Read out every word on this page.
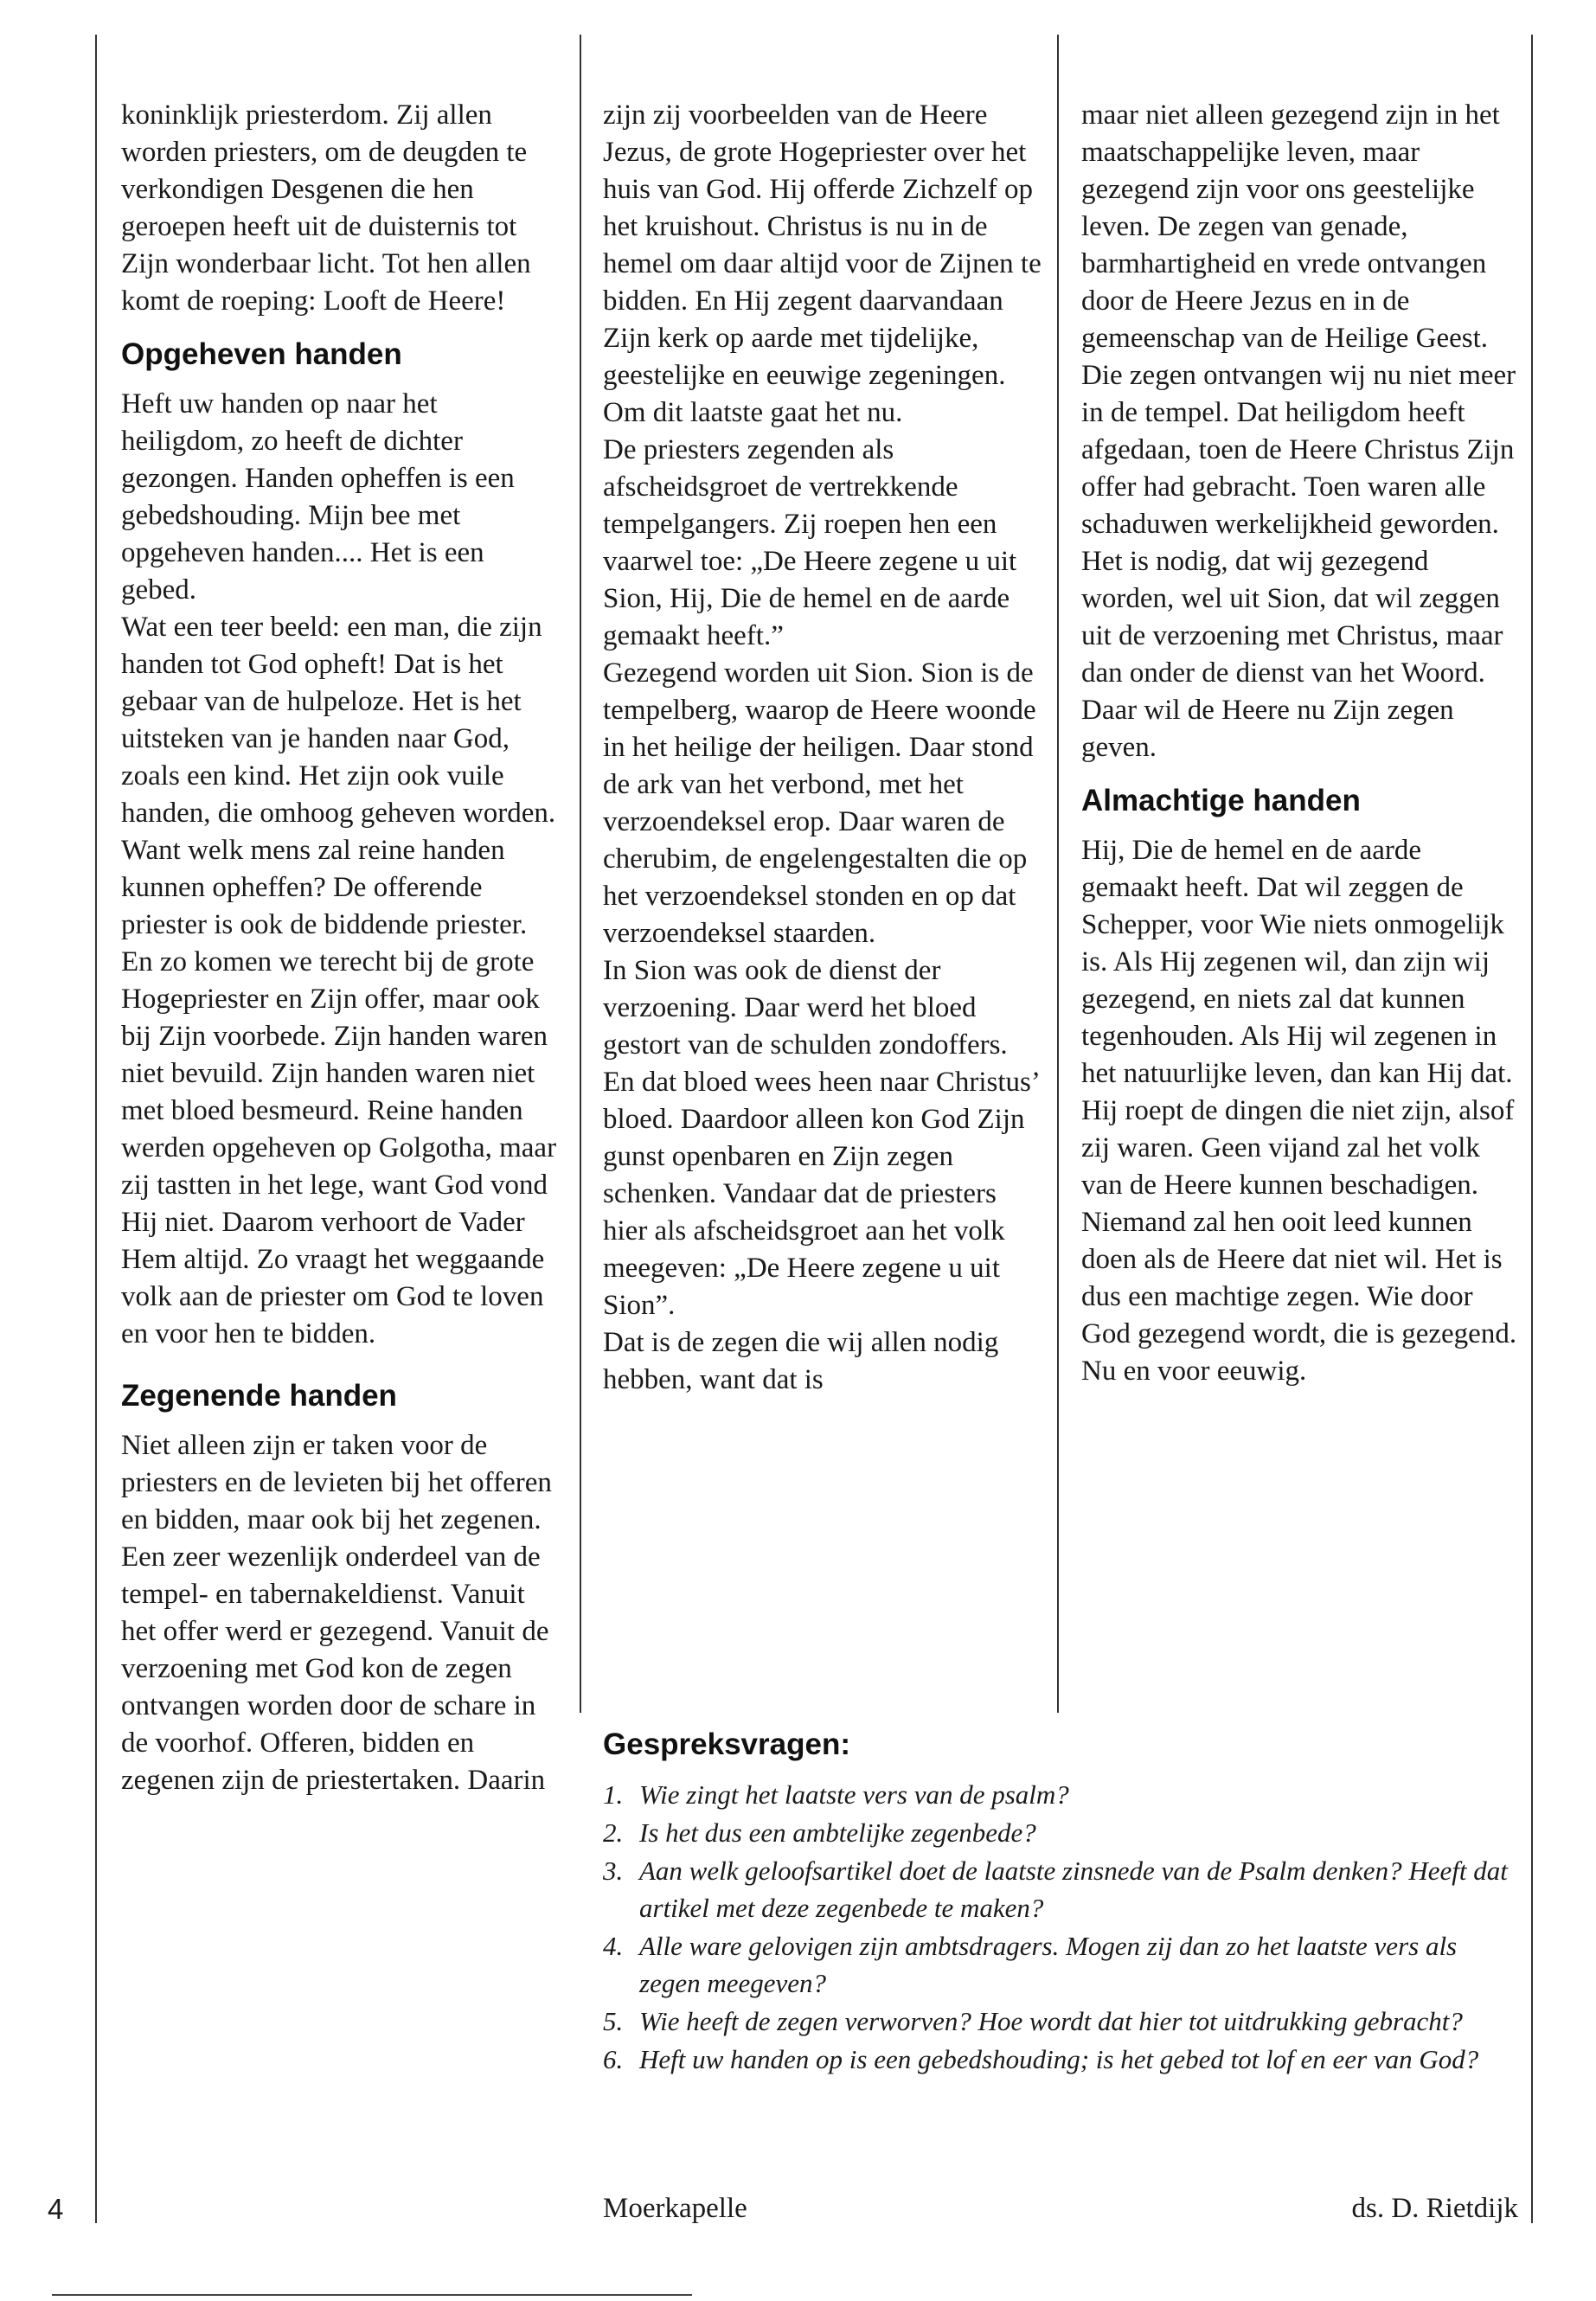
koninklijk priesterdom. Zij allen worden priesters, om de deugden te verkondigen Desgenen die hen geroepen heeft uit de duisternis tot Zijn wonderbaar licht. Tot hen allen komt de roeping: Looft de Heere!

Opgeheven handen

Heft uw handen op naar het heiligdom, zo heeft de dichter gezongen. Handen opheffen is een gebedshouding. Mijn bee met opgeheven handen.... Het is een gebed.

Wat een teer beeld: een man, die zijn handen tot God opheft! Dat is het gebaar van de hulpeloze. Het is het uitsteken van je handen naar God, zoals een kind. Het zijn ook vuile handen, die omhoog geheven worden. Want welk mens zal reine handen kunnen opheffen? De offerende priester is ook de biddende priester. En zo komen we terecht bij de grote Hogepriester en Zijn offer, maar ook bij Zijn voorbede. Zijn handen waren niet bevuild. Zijn handen waren niet met bloed besmeurd. Reine handen werden opgeheven op Golgotha, maar zij tastten in het lege, want God vond Hij niet. Daarom verhoort de Vader Hem altijd. Zo vraagt het weggaande volk aan de priester om God te loven en voor hen te bidden.

Zegenende handen

Niet alleen zijn er taken voor de priesters en de levieten bij het offeren en bidden, maar ook bij het zegenen. Een zeer wezenlijk onderdeel van de tempel- en tabernakeldienst. Vanuit het offer werd er gezegend. Vanuit de verzoening met God kon de zegen ontvangen worden door de schare in de voorhof. Offeren, bidden en zegenen zijn de priestertaken. Daarin

zijn zij voorbeelden van de Heere Jezus, de grote Hogepriester over het huis van God. Hij offerde Zichzelf op het kruishout. Christus is nu in de hemel om daar altijd voor de Zijnen te bidden. En Hij zegent daarvandaan Zijn kerk op aarde met tijdelijke, geestelijke en eeuwige zegeningen. Om dit laatste gaat het nu.

De priesters zegenden als afscheidsgroet de vertrekkende tempelgangers. Zij roepen hen een vaarwel toe: „De Heere zegene u uit Sion, Hij, Die de hemel en de aarde gemaakt heeft.”

Gezegend worden uit Sion. Sion is de tempelberg, waarop de Heere woonde in het heilige der heiligen. Daar stond de ark van het verbond, met het verzoendeksel erop. Daar waren de cherubim, de engelengestalten die op het verzoendeksel stonden en op dat verzoendeksel staarden.

In Sion was ook de dienst der verzoening. Daar werd het bloed gestort van de schulden zondoffers. En dat bloed wees heen naar Christus’ bloed. Daardoor alleen kon God Zijn gunst openbaren en Zijn zegen schenken. Vandaar dat de priesters hier als afscheidsgroet aan het volk meegeven: „De Heere zegene u uit Sion”.

Dat is de zegen die wij allen nodig hebben, want dat is

maar niet alleen gezegend zijn in het maatschappelijke leven, maar gezegend zijn voor ons geestelijke leven. De zegen van genade, barmhartigheid en vrede ontvangen door de Heere Jezus en in de gemeenschap van de Heilige Geest. Die zegen ontvangen wij nu niet meer in de tempel. Dat heiligdom heeft afgedaan, toen de Heere Christus Zijn offer had gebracht. Toen waren alle schaduwen werkelijkheid geworden. Het is nodig, dat wij gezegend worden, wel uit Sion, dat wil zeggen uit de verzoening met Christus, maar dan onder de dienst van het Woord. Daar wil de Heere nu Zijn zegen geven.

Almachtige handen

Hij, Die de hemel en de aarde gemaakt heeft. Dat wil zeggen de Schepper, voor Wie niets onmogelijk is. Als Hij zegenen wil, dan zijn wij gezegend, en niets zal dat kunnen tegenhouden. Als Hij wil zegenen in het natuurlijke leven, dan kan Hij dat. Hij roept de dingen die niet zijn, alsof zij waren. Geen vijand zal het volk van de Heere kunnen beschadigen. Niemand zal hen ooit leed kunnen doen als de Heere dat niet wil. Het is dus een machtige zegen. Wie door God gezegend wordt, die is gezegend. Nu en voor eeuwig.

Gespreksvragen:
1. Wie zingt het laatste vers van de psalm?
2. Is het dus een ambtelijke zegenbede?
3. Aan welk geloofsartikel doet de laatste zinsnede van de Psalm denken? Heeft dat artikel met deze zegenbede te maken?
4. Alle ware gelovigen zijn ambtsdragers. Mogen zij dan zo het laatste vers als zegen meegeven?
5. Wie heeft de zegen verworven? Hoe wordt dat hier tot uitdrukking gebracht?
6. Heft uw handen op is een gebedshouding; is het gebed tot lof en eer van God?
4	Moerkapelle	ds. D. Rietdijk
